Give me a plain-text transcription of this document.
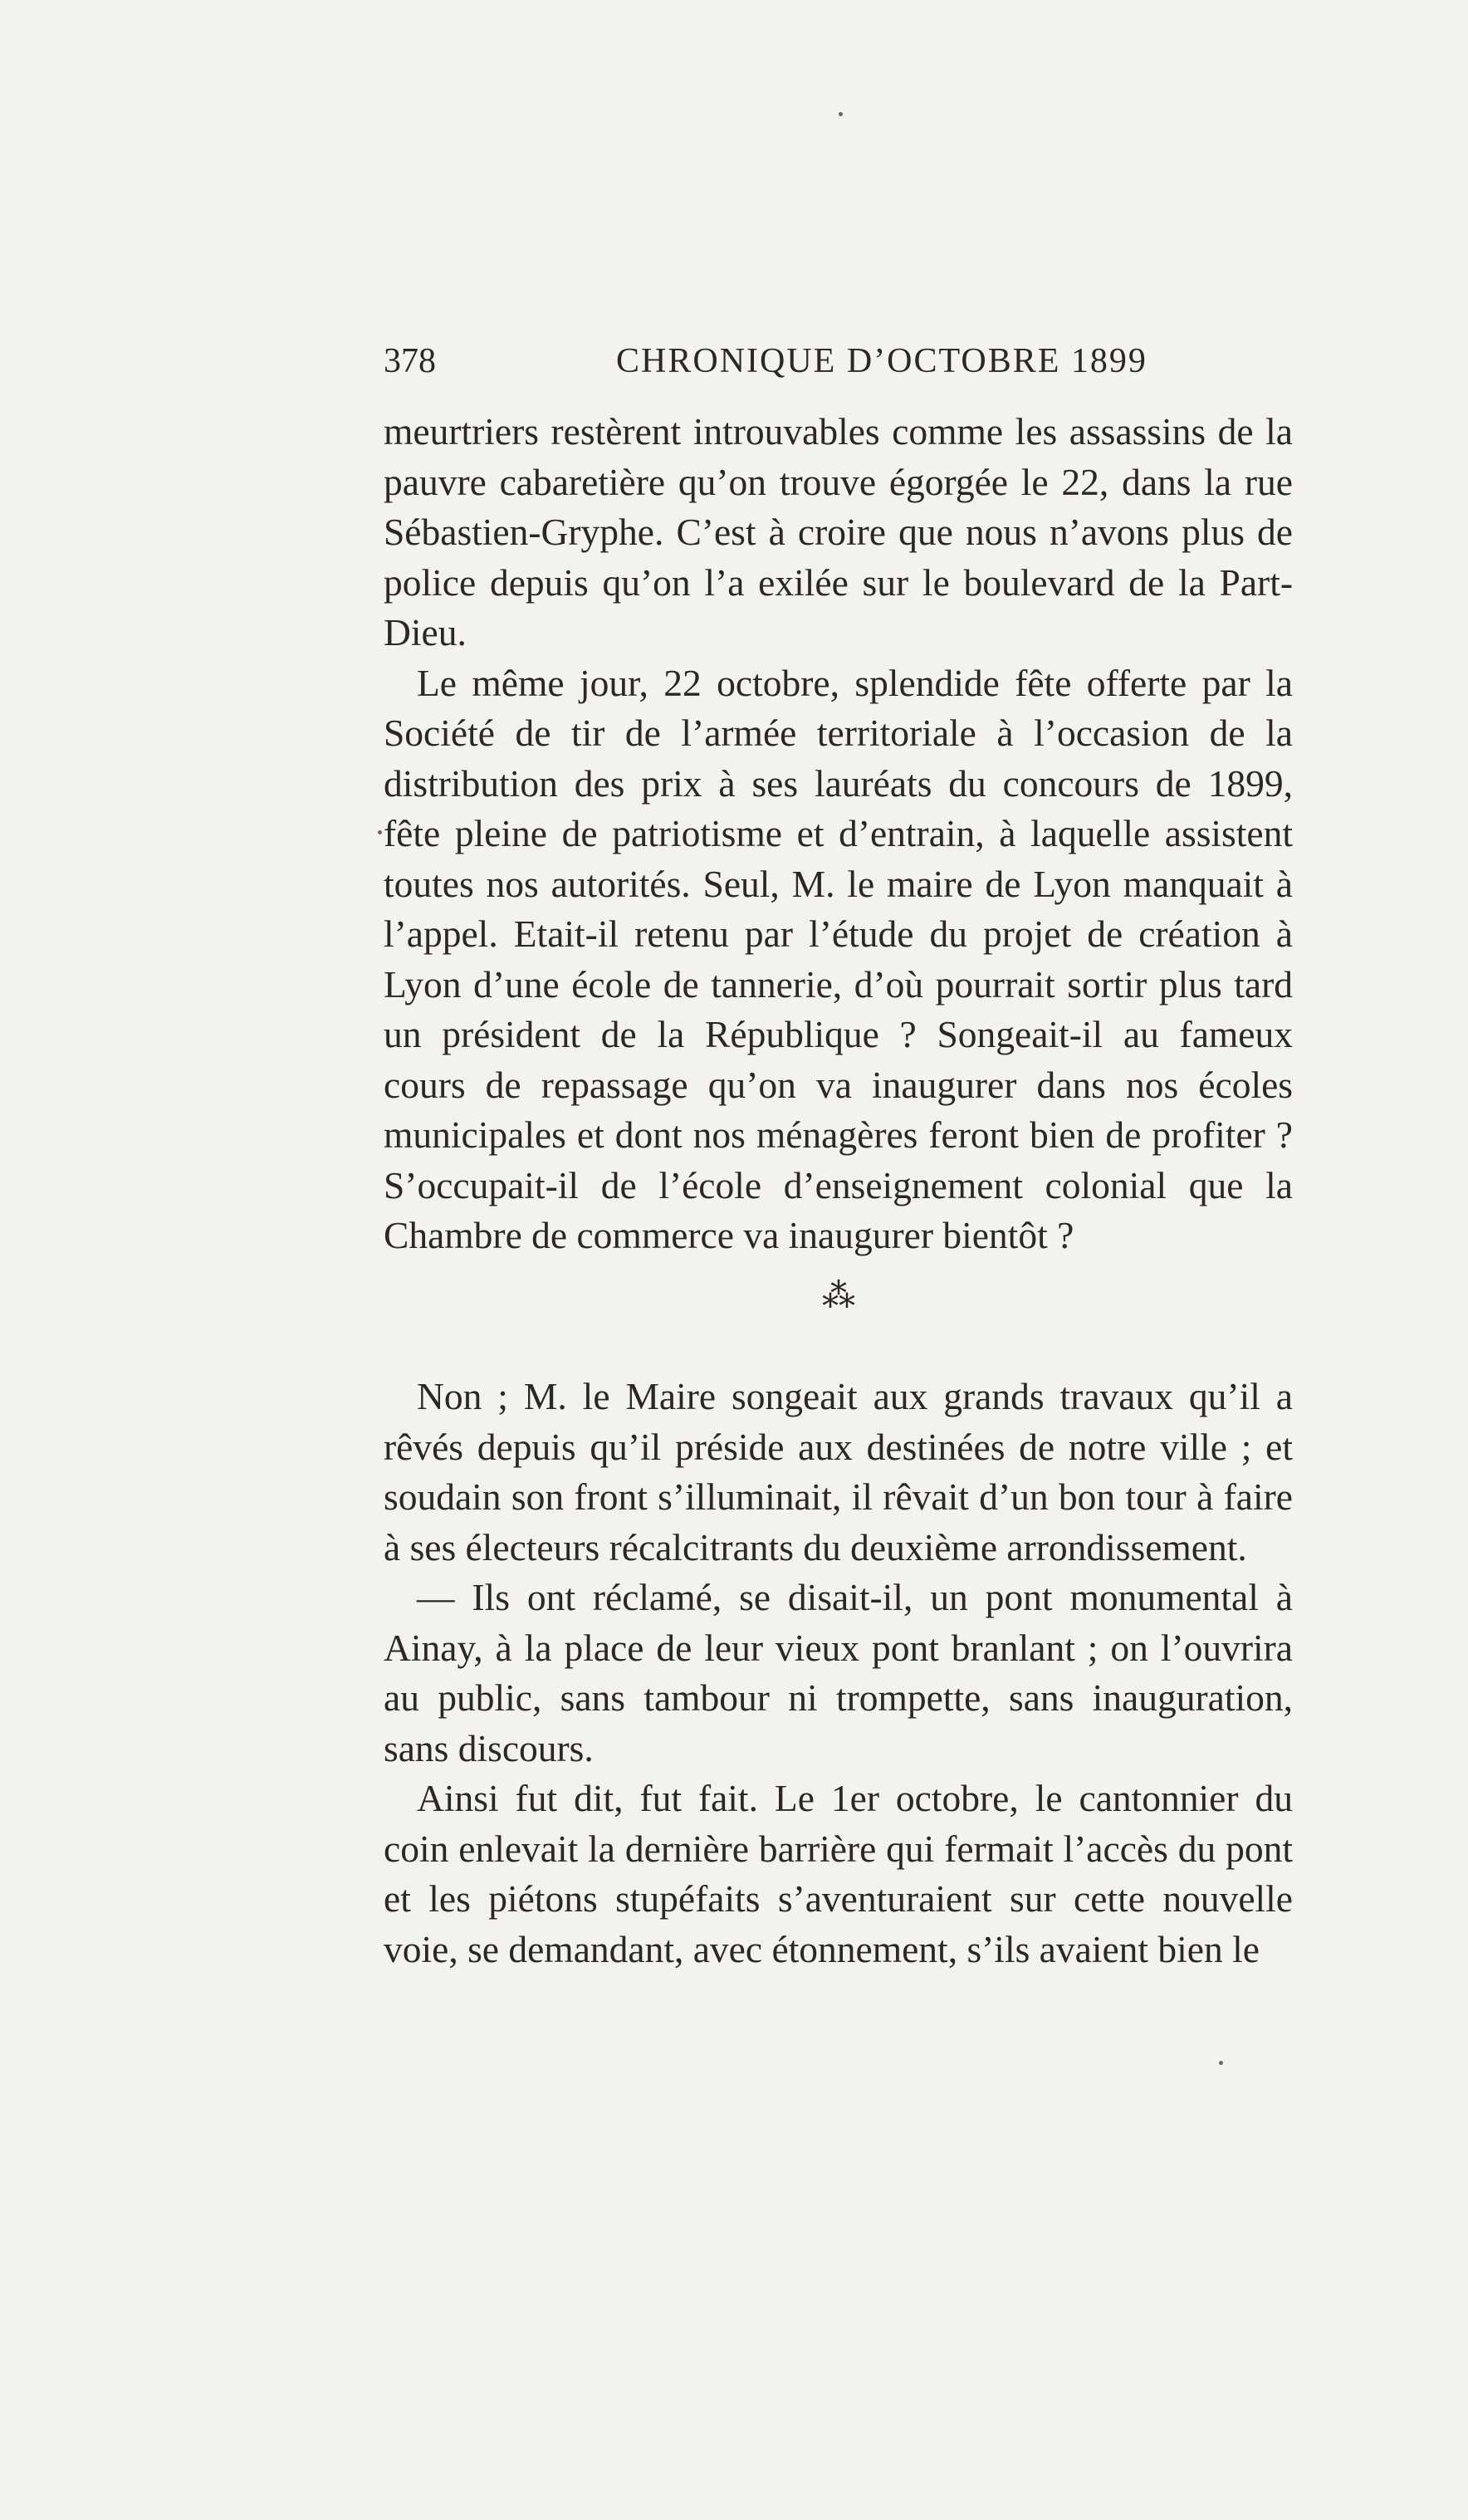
378	CHRONIQUE D’OCTOBRE 1899

meurtriers restèrent introuvables comme les assassins de la pauvre cabaretière qu’on trouve égorgée le 22, dans la rue Sébastien-Gryphe. C’est à croire que nous n’avons plus de police depuis qu’on l’a exilée sur le boulevard de la Part-Dieu.

Le même jour, 22 octobre, splendide fête offerte par la Société de tir de l’armée territoriale à l’occasion de la distribution des prix à ses lauréats du concours de 1899, fête pleine de patriotisme et d’entrain, à laquelle assistent toutes nos autorités. Seul, M. le maire de Lyon manquait à l’appel. Etait-il retenu par l’étude du projet de création à Lyon d’une école de tannerie, d’où pourrait sortir plus tard un président de la République ? Songeait-il au fameux cours de repassage qu’on va inaugurer dans nos écoles municipales et dont nos ménagères feront bien de profiter ? S’occupait-il de l’école d’enseignement colonial que la Chambre de commerce va inaugurer bientôt ?

⁂

Non ; M. le Maire songeait aux grands travaux qu’il a rêvés depuis qu’il préside aux destinées de notre ville ; et soudain son front s’illuminait, il rêvait d’un bon tour à faire à ses électeurs récalcitrants du deuxième arrondissement.

— Ils ont réclamé, se disait-il, un pont monumental à Ainay, à la place de leur vieux pont branlant ; on l’ouvrira au public, sans tambour ni trompette, sans inauguration, sans discours.

Ainsi fut dit, fut fait. Le 1er octobre, le cantonnier du coin enlevait la dernière barrière qui fermait l’accès du pont et les piétons stupéfaits s’aventuraient sur cette nouvelle voie, se demandant, avec étonnement, s’ils avaient bien le
